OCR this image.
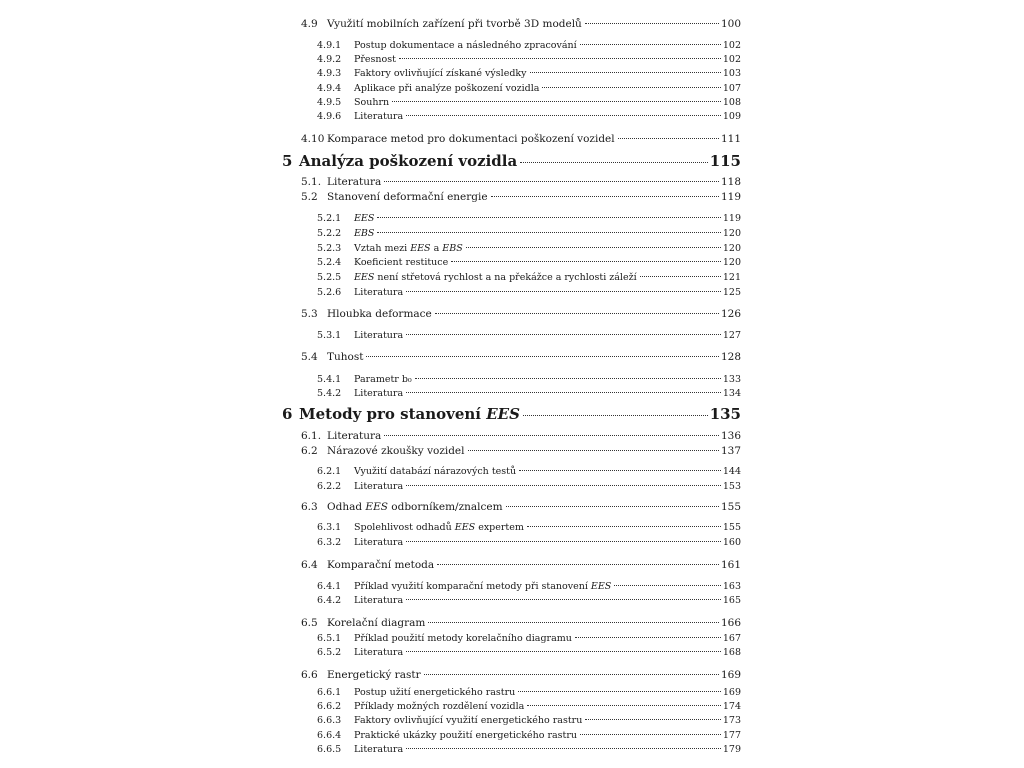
4.9 Využití mobilních zařízení při tvorbě 3D modelů	100
4.9.1	Postup dokumentace a následného zpracování	102
4.9.2	Přesnost	102
4.9.3	Faktory ovlivňující získané výsledky	103
4.9.4	Aplikace při analýze poškození vozidla	107
4.9.5	Souhrn	108
4.9.6	Literatura	109
4.10 Komparace metod pro dokumentaci poškození vozidel	111
5 Analýza poškození vozidla	115
5.1. Literatura	118
5.2 Stanovení deformační energie	119
5.2.1	EES	119
5.2.2	EBS	120
5.2.3	Vztah mezi EES a EBS	120
5.2.4	Koeficient restituce	120
5.2.5	EES není střetová rychlost a na překážce a rychlosti záleží	121
5.2.6	Literatura	125
5.3 Hloubka deformace	126
5.3.1	Literatura	127
5.4 Tuhost	128
5.4.1	Parametr b₀	133
5.4.2	Literatura	134
6 Metody pro stanovení EES	135
6.1. Literatura	136
6.2 Nárazové zkoušky vozidel	137
6.2.1	Využití databází nárazových testů	144
6.2.2	Literatura	153
6.3 Odhad EES odborníkem/znalcem	155
6.3.1	Spolehlivost odhadů EES expertem	155
6.3.2	Literatura	160
6.4 Komparační metoda	161
6.4.1	Příklad využití komparační metody při stanovení EES	163
6.4.2	Literatura	165
6.5 Korelační diagram	166
6.5.1	Příklad použití metody korelačního diagramu	167
6.5.2	Literatura	168
6.6 Energetický rastr	169
6.6.1	Postup užití energetického rastru	169
6.6.2	Příklady možných rozdělení vozidla	174
6.6.3	Faktory ovlivňující využití energetického rastru	173
6.6.4	Praktické ukázky použití energetického rastru	177
6.6.5	Literatura	179
